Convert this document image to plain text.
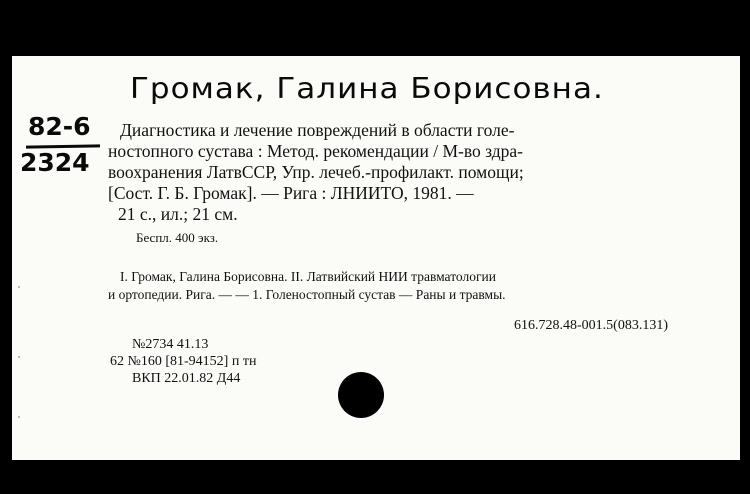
Громак, Галина Борисовна.
82-6
2324
Диагностика и лечение повреждений в области голе-
ностопного сустава : Метод. рекомендации / М-во здра-
воохранения ЛатвССР, Упр. лечеб.-профилакт. помощи;
[Сост. Г. Б. Громак]. — Рига : ЛНИИТО, 1981. —
21 с., ил.; 21 см.
Беспл. 400 экз.
I. Громак, Галина Борисовна. II. Латвийский НИИ травматологии
и ортопедии. Рига. — — 1. Голеностопный сустав — Раны и травмы.
616.728.48-001.5(083.131)
№2734 41.13
62 №160 [81-94152] п тн
ВКП 22.01.82 Д44
